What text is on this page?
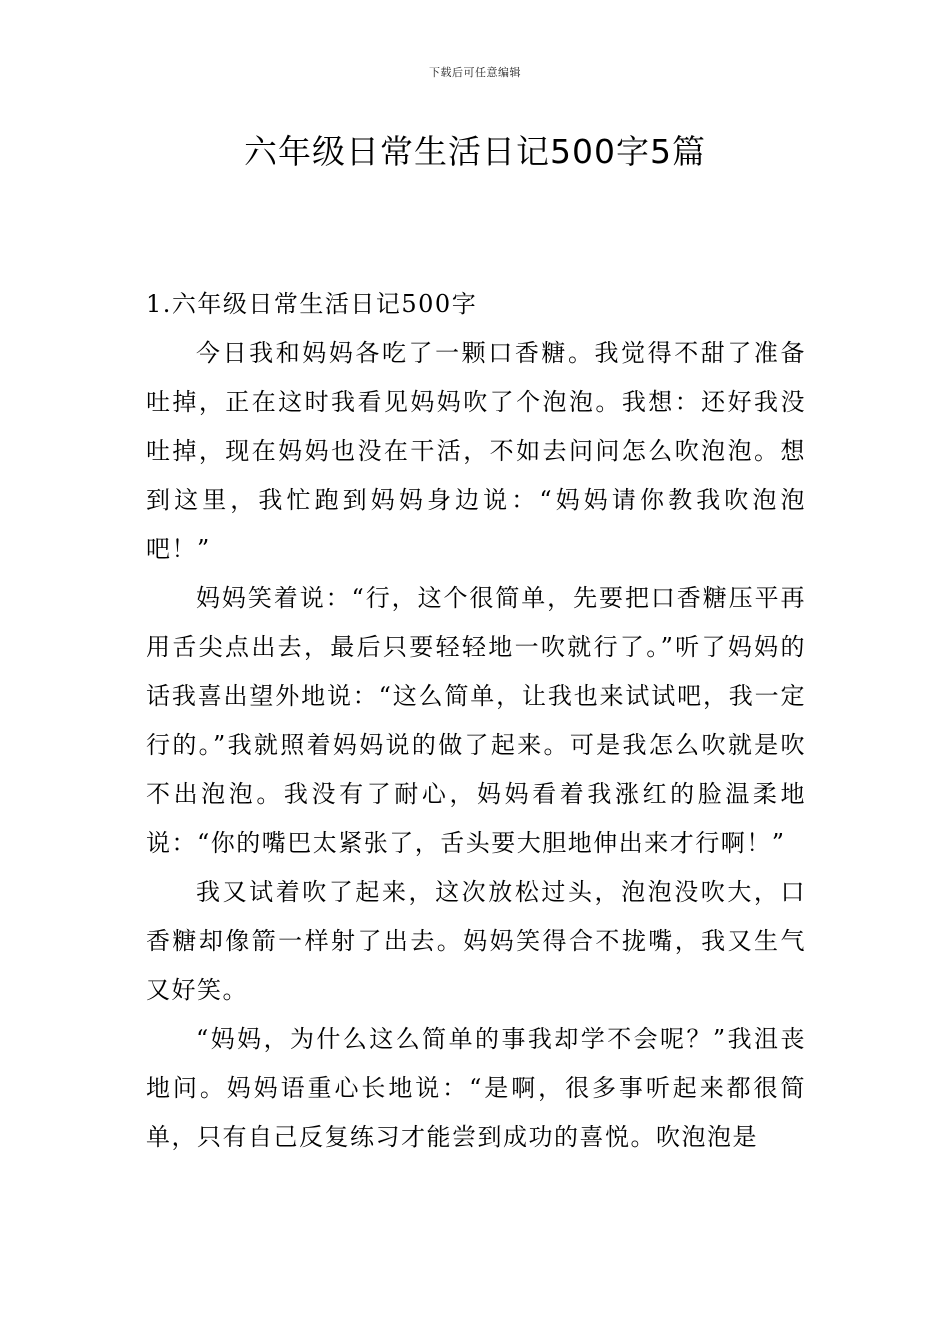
下载后可任意编辑
六年级日常生活日记500字5篇
1.六年级日常生活日记500字

今日我和妈妈各吃了一颗口香糖。我觉得不甜了准备吐掉，正在这时我看见妈妈吹了个泡泡。我想：还好我没吐掉，现在妈妈也没在干活，不如去问问怎么吹泡泡。想到这里，我忙跑到妈妈身边说：“妈妈请你教我吹泡泡吧！”

妈妈笑着说：“行，这个很简单，先要把口香糖压平再用舌尖点出去，最后只要轻轻地一吹就行了。”听了妈妈的话我喜出望外地说：“这么简单，让我也来试试吧，我一定行的。”我就照着妈妈说的做了起来。可是我怎么吹就是吹不出泡泡。我没有了耐心，妈妈看着我涨红的脸温柔地说：“你的嘴巴太紧张了，舌头要大胆地伸出来才行啊！”

我又试着吹了起来，这次放松过头，泡泡没吹大，口香糖却像箭一样射了出去。妈妈笑得合不拢嘴，我又生气又好笑。

“妈妈，为什么这么简单的事我却学不会呢？”我沮丧地问。妈妈语重心长地说：“是啊，很多事听起来都很简单，只有自己反复练习才能尝到成功的喜悦。吹泡泡是
